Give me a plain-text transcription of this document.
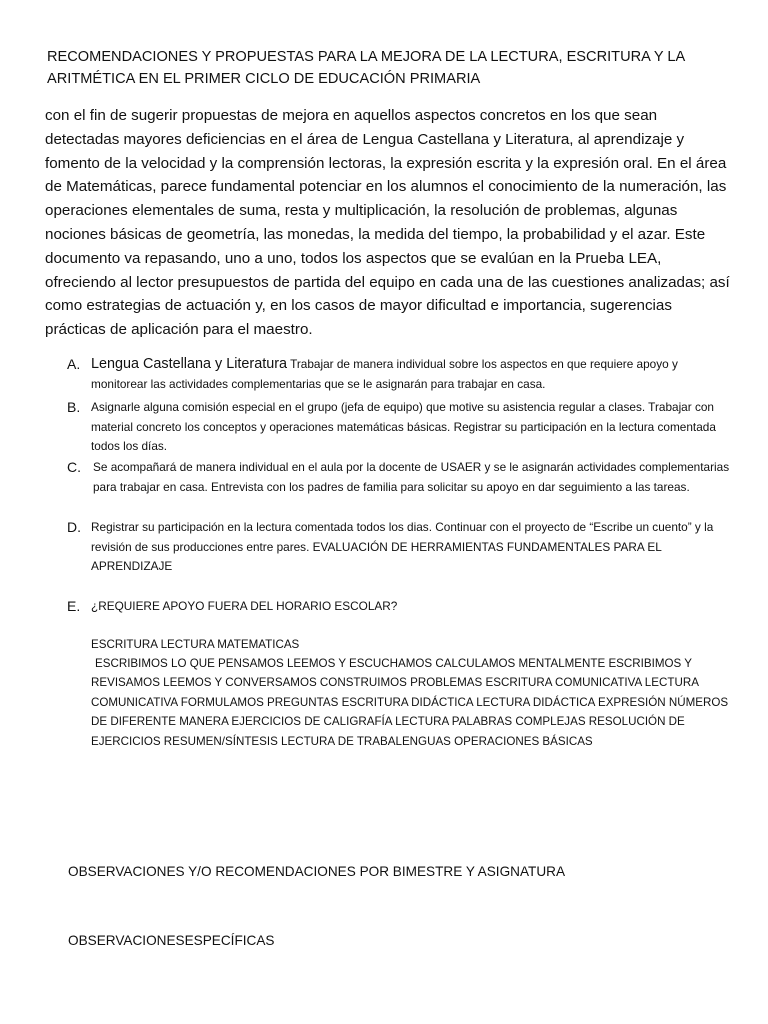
RECOMENDACIONES Y PROPUESTAS PARA LA MEJORA DE LA LECTURA, ESCRITURA Y LA ARITMÉTICA EN EL PRIMER CICLO DE EDUCACIÓN PRIMARIA
con el fin de sugerir propuestas de mejora en aquellos aspectos concretos en los que sean detectadas mayores deficiencias en el área de Lengua Castellana y Literatura, al aprendizaje y fomento de la velocidad y la comprensión lectoras, la expresión escrita y la expresión oral. En el área de Matemáticas, parece fundamental potenciar en los alumnos el conocimiento de la numeración, las operaciones elementales de suma, resta y multiplicación, la resolución de problemas, algunas nociones básicas de geometría, las monedas, la medida del tiempo, la probabilidad y el azar. Este documento va repasando, uno a uno, todos los aspectos que se evalúan en la Prueba LEA, ofreciendo al lector presupuestos de partida del equipo en cada una de las cuestiones analizadas; así como estrategias de actuación y, en los casos de mayor dificultad e importancia, sugerencias prácticas de aplicación para el maestro.
A. Lengua Castellana y Literatura Trabajar de manera individual sobre los aspectos en que requiere apoyo y monitorear las actividades complementarias que se le asignarán para trabajar en casa.
B. Asignarle alguna comisión especial en el grupo (jefa de equipo) que motive su asistencia regular a clases. Trabajar con material concreto los conceptos y operaciones matemáticas básicas. Registrar su participación en la lectura comentada todos los días.
C. Se acompañará de manera individual en el aula por la docente de USAER y se le asignarán actividades complementarias para trabajar en casa. Entrevista con los padres de familia para solicitar su apoyo en dar seguimiento a las tareas.
D. Registrar su participación en la lectura comentada todos los dias. Continuar con el proyecto de “Escribe un cuento” y la revisión de sus producciones entre pares. EVALUACIÓN DE HERRAMIENTAS FUNDAMENTALES PARA EL APRENDIZAJE
E. ¿REQUIERE APOYO FUERA DEL HORARIO ESCOLAR?
ESCRITURA LECTURA MATEMATICAS
ESCRIBIMOS LO QUE PENSAMOS LEEMOS Y ESCUCHAMOS CALCULAMOS MENTALMENTE ESCRIBIMOS Y REVISAMOS LEEMOS Y CONVERSAMOS CONSTRUIMOS PROBLEMAS ESCRITURA COMUNICATIVA LECTURA COMUNICATIVA FORMULAMOS PREGUNTAS ESCRITURA DIDÁCTICA LECTURA DIDÁCTICA EXPRESIÓN NÚMEROS DE DIFERENTE MANERA EJERCICIOS DE CALIGRAFÍA LECTURA PALABRAS COMPLEJAS RESOLUCIÓN DE EJERCICIOS RESUMEN/SÍNTESIS LECTURA DE TRABALENGUAS OPERACIONES BÁSICAS
OBSERVACIONES Y/O RECOMENDACIONES POR BIMESTRE Y ASIGNATURA
OBSERVACIONESESPECÍFICAS
